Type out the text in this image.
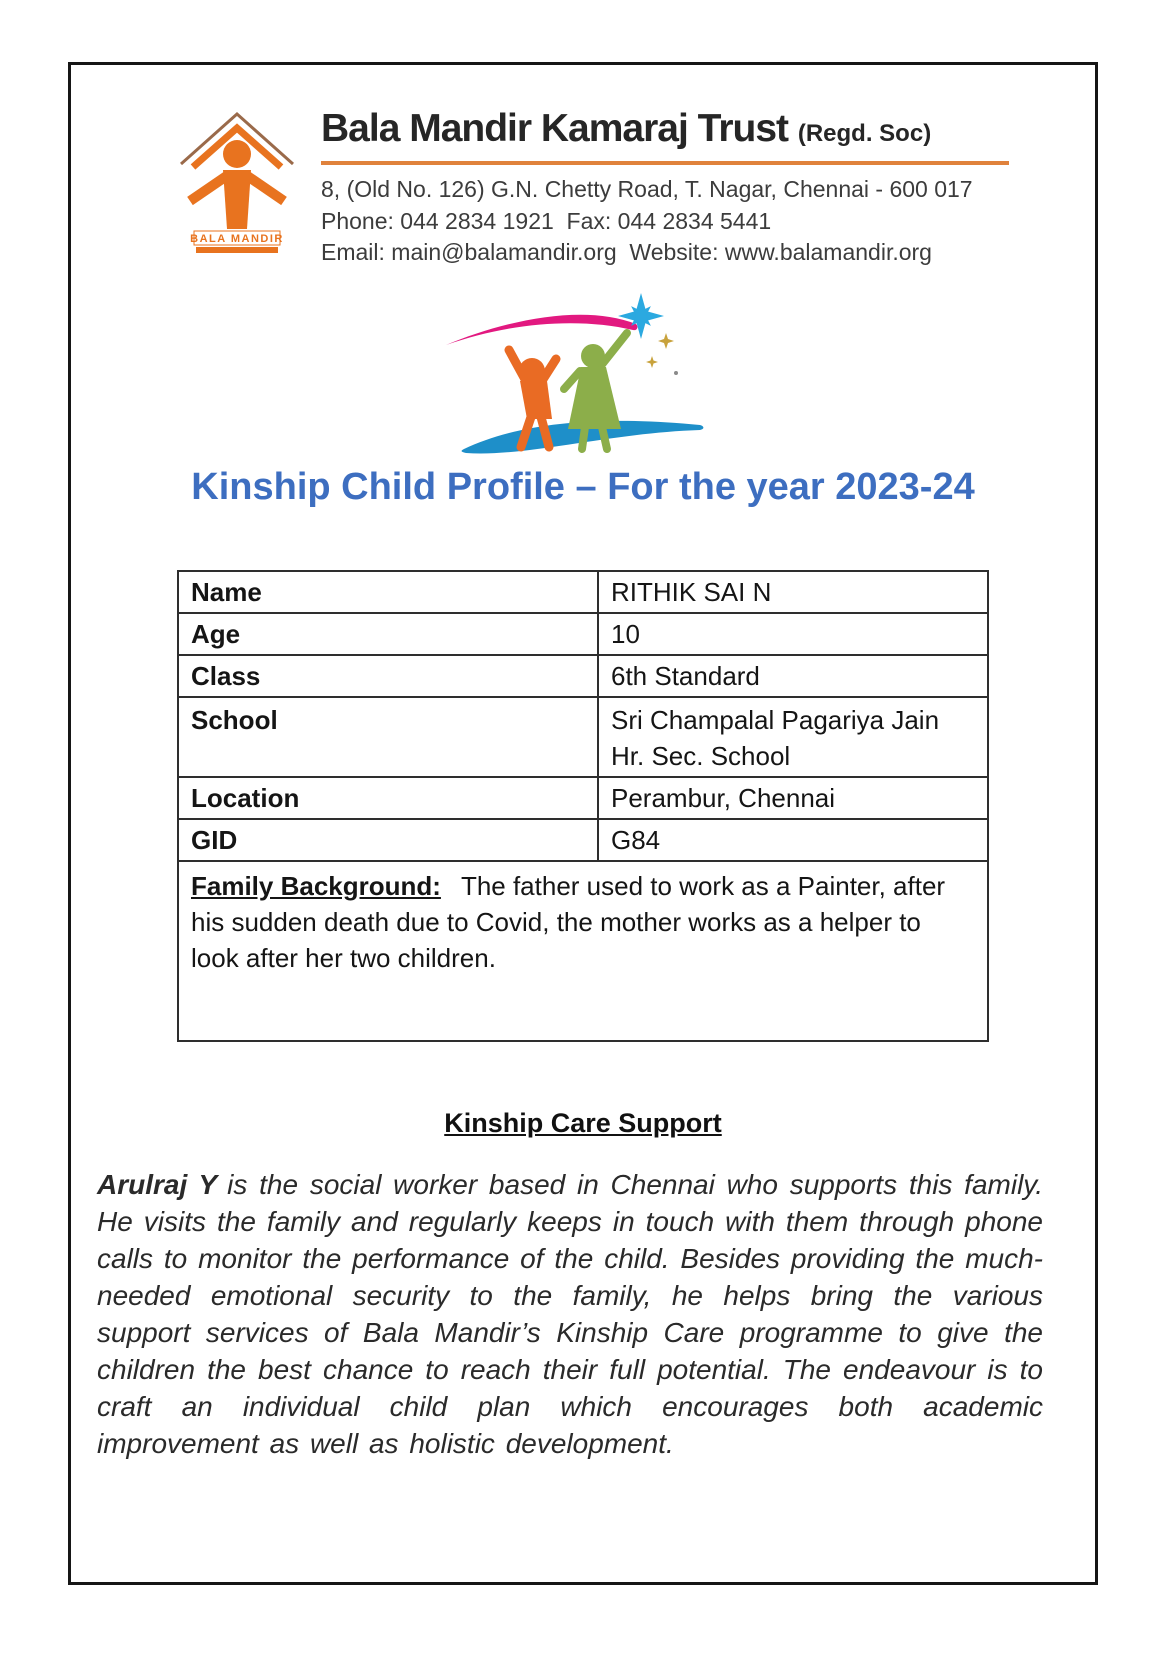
BALA MANDIR
Bala Mandir Kamaraj Trust (Regd. Soc)
8, (Old No. 126) G.N. Chetty Road, T. Nagar, Chennai - 600 017
Phone: 044 2834 1921  Fax: 044 2834 5441
Email: main@balamandir.org  Website: www.balamandir.org
Kinship Child Profile – For the year 2023-24
Name	RITHIK SAI N
Age	10
Class	6th Standard
School	Sri Champalal Pagariya Jain Hr. Sec. School
Location	Perambur, Chennai
GID	G84
Family Background: The father used to work as a Painter, after his sudden death due to Covid, the mother works as a helper to look after her two children.	
Kinship Care Support

Arulraj Y is the social worker based in Chennai who supports this family. He visits the family and regularly keeps in touch with them through phone calls to monitor the performance of the child. Besides providing the much-needed emotional security to the family, he helps bring the various support services of Bala Mandir’s Kinship Care programme to give the children the best chance to reach their full potential. The endeavour is to craft an individual child plan which encourages both academic improvement as well as holistic development.
